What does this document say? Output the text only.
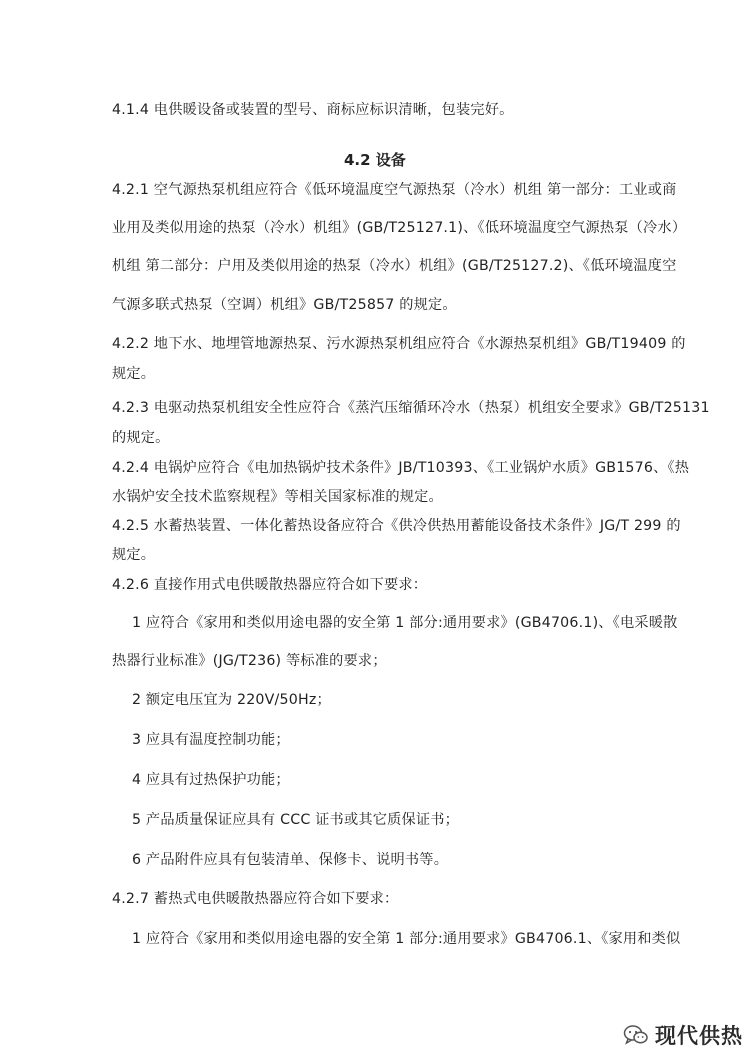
4.1.4 电供暖设备或装置的型号、商标应标识清晰，包装完好。
4.2 设备
4.2.1 空气源热泵机组应符合《低环境温度空气源热泵（冷水）机组 第一部分：工业或商
业用及类似用途的热泵（冷水）机组》(GB/T25127.1)、《低环境温度空气源热泵（冷水）
机组 第二部分：户用及类似用途的热泵（冷水）机组》(GB/T25127.2)、《低环境温度空
气源多联式热泵（空调）机组》GB/T25857 的规定。
4.2.2 地下水、地埋管地源热泵、污水源热泵机组应符合《水源热泵机组》GB/T19409 的
规定。
4.2.3 电驱动热泵机组安全性应符合《蒸汽压缩循环冷水（热泵）机组安全要求》GB/T25131
的规定。
4.2.4 电锅炉应符合《电加热锅炉技术条件》JB/T10393、《工业锅炉水质》GB1576、《热
水锅炉安全技术监察规程》等相关国家标准的规定。
4.2.5 水蓄热装置、一体化蓄热设备应符合《供冷供热用蓄能设备技术条件》JG/T 299 的
规定。
4.2.6 直接作用式电供暖散热器应符合如下要求：
1 应符合《家用和类似用途电器的安全第 1 部分:通用要求》(GB4706.1)、《电采暖散
热器行业标准》(JG/T236) 等标准的要求；
2 额定电压宜为 220V/50Hz；
3 应具有温度控制功能；
4 应具有过热保护功能；
5 产品质量保证应具有 CCC 证书或其它质保证书；
6 产品附件应具有包装清单、保修卡、说明书等。
4.2.7 蓄热式电供暖散热器应符合如下要求：
1 应符合《家用和类似用途电器的安全第 1 部分:通用要求》GB4706.1、《家用和类似
现代供热
